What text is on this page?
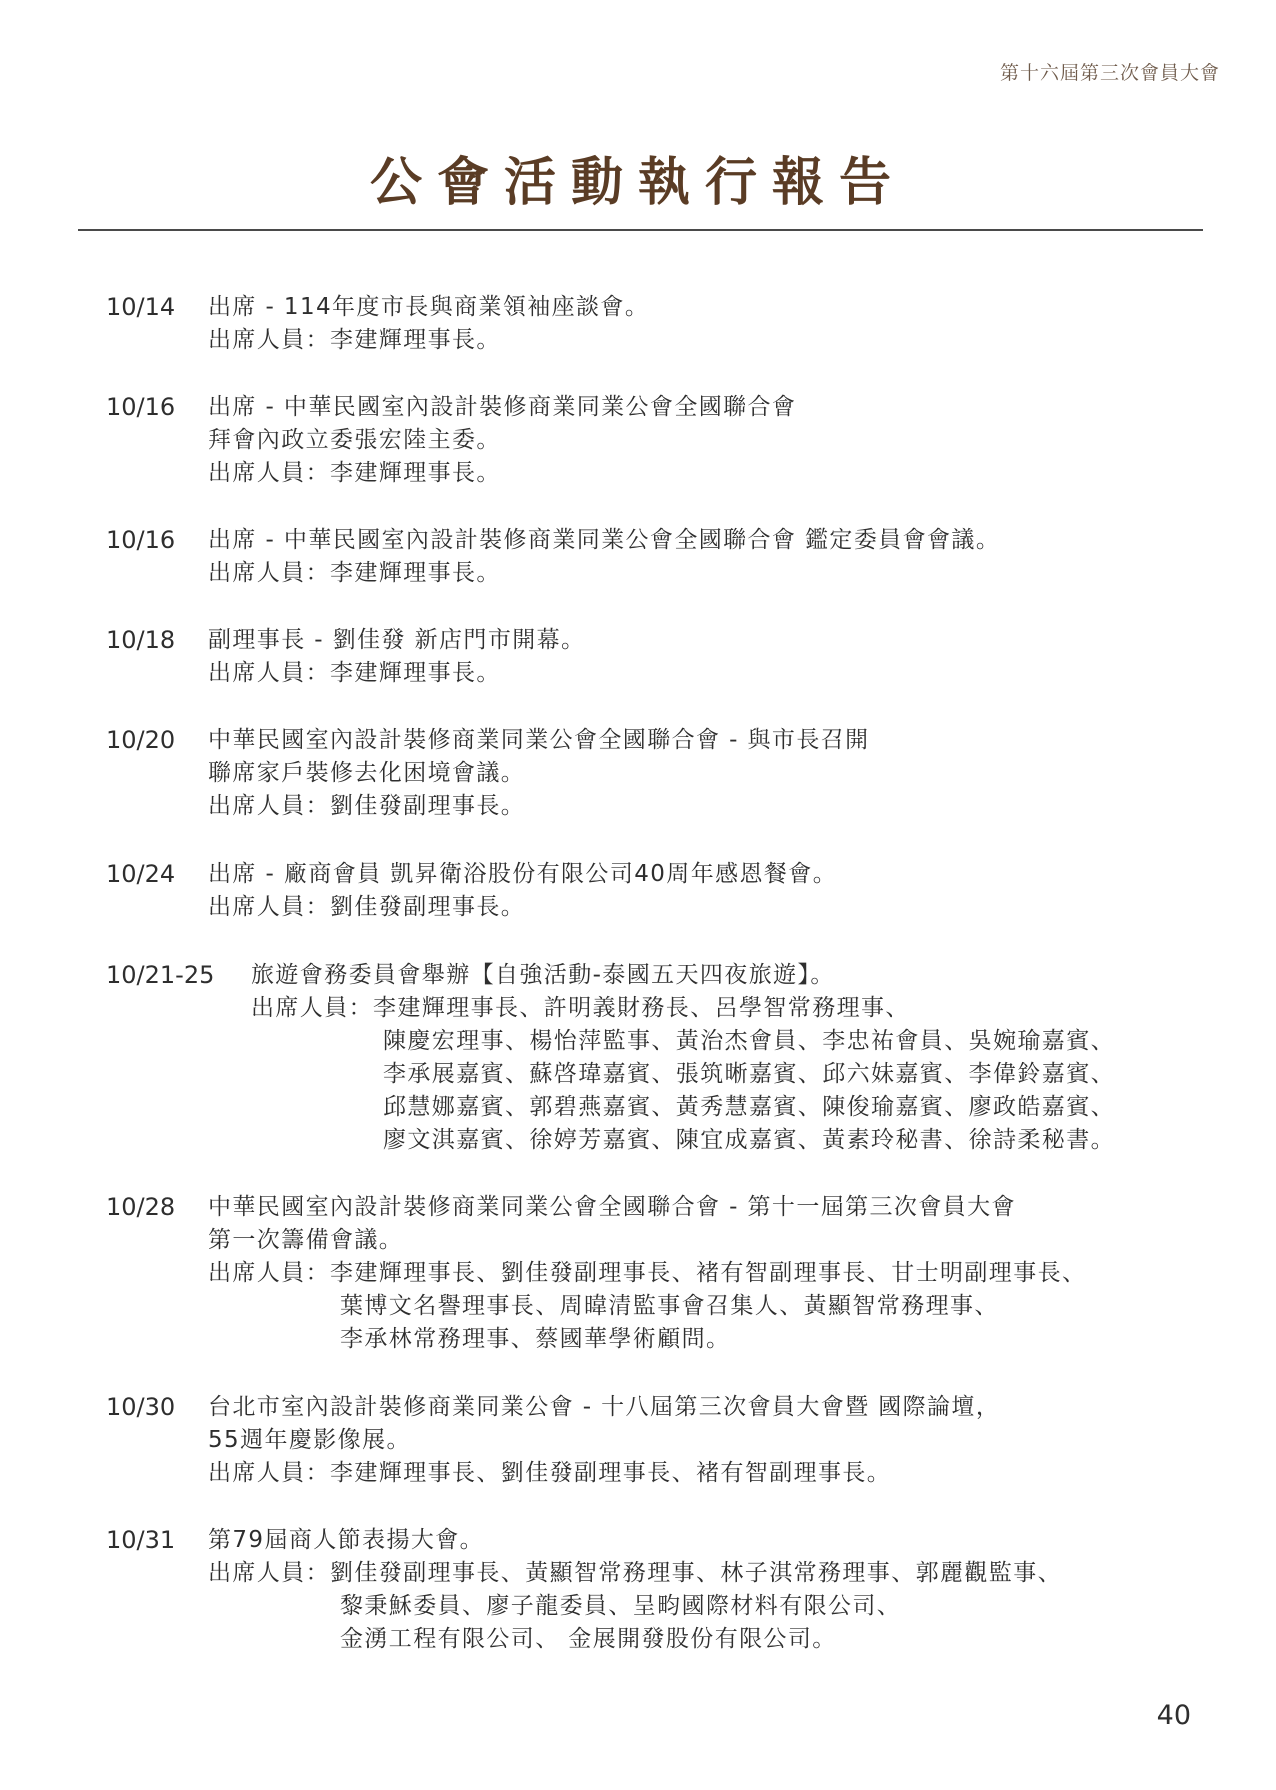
第十六屆第三次會員大會
公會活動執行報告
10/14 出席 - 114年度市長與商業領袖座談會。
出席人員：李建輝理事長。
10/16 出席 - 中華民國室內設計裝修商業同業公會全國聯合會
拜會內政立委張宏陸主委。
出席人員：李建輝理事長。
10/16 出席 - 中華民國室內設計裝修商業同業公會全國聯合會 鑑定委員會會議。
出席人員：李建輝理事長。
10/18 副理事長 - 劉佳發 新店門市開幕。
出席人員：李建輝理事長。
10/20 中華民國室內設計裝修商業同業公會全國聯合會 - 與市長召開
聯席家戶裝修去化困境會議。
出席人員：劉佳發副理事長。
10/24 出席 - 廠商會員 凱昇衛浴股份有限公司40周年感恩餐會。
出席人員：劉佳發副理事長。
10/21-25 旅遊會務委員會舉辦【自強活動-泰國五天四夜旅遊】。
出席人員：李建輝理事長、許明義財務長、呂學智常務理事、
陳慶宏理事、楊怡萍監事、黃治杰會員、李忠祐會員、吳婉瑜嘉賓、
李承展嘉賓、蘇啓瑋嘉賓、張筑晰嘉賓、邱六妹嘉賓、李偉鈴嘉賓、
邱慧娜嘉賓、郭碧燕嘉賓、黃秀慧嘉賓、陳俊瑜嘉賓、廖政皓嘉賓、
廖文淇嘉賓、徐婷芳嘉賓、陳宜成嘉賓、黃素玲秘書、徐詩柔秘書。
10/28 中華民國室內設計裝修商業同業公會全國聯合會 - 第十一屆第三次會員大會
第一次籌備會議。
出席人員：李建輝理事長、劉佳發副理事長、褚有智副理事長、甘士明副理事長、
葉博文名譽理事長、周暐清監事會召集人、黃顯智常務理事、
李承林常務理事、蔡國華學術顧問。
10/30 台北市室內設計裝修商業同業公會 - 十八屆第三次會員大會暨 國際論壇，
55週年慶影像展。
出席人員：李建輝理事長、劉佳發副理事長、褚有智副理事長。
10/31 第79屆商人節表揚大會。
出席人員：劉佳發副理事長、黃顯智常務理事、林子淇常務理事、郭麗觀監事、
黎秉穌委員、廖子龍委員、呈畇國際材料有限公司、
金湧工程有限公司、 金展開發股份有限公司。
40
